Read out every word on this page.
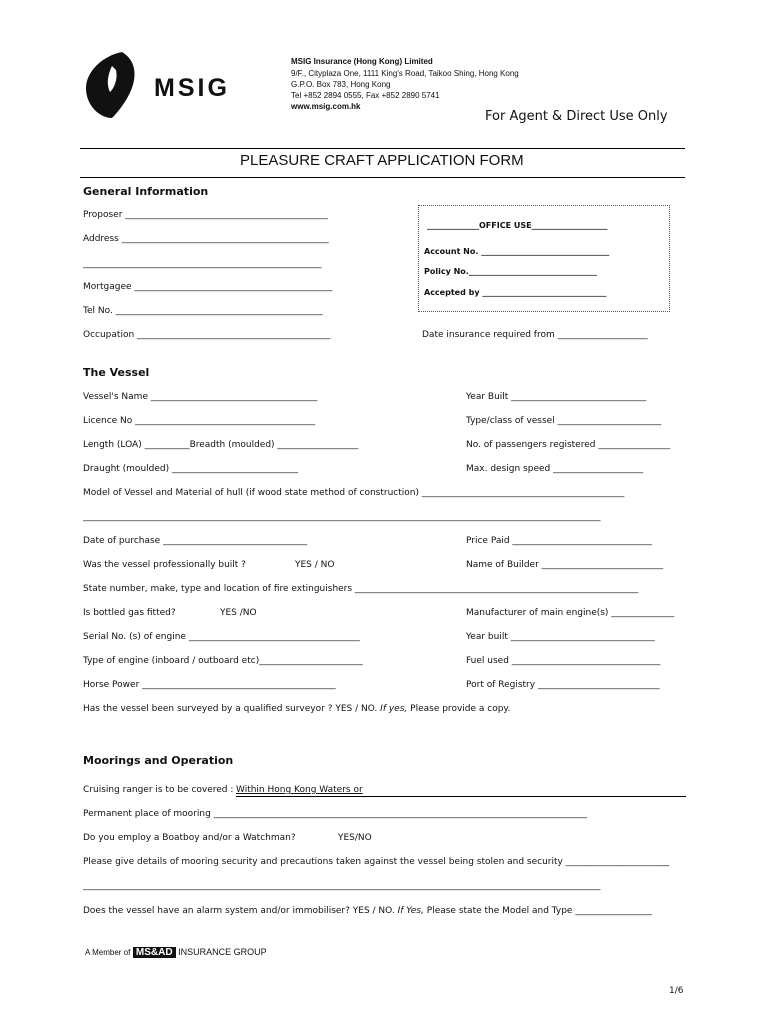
MSIG
MSIG Insurance (Hong Kong) Limited
9/F., Cityplaza One, 1111 King's Road, Taikoo Shing, Hong Kong
G.P.O. Box 783, Hong Kong
Tel +852 2894 0555, Fax +852 2890 5741
www.msig.com.hk
For Agent & Direct Use Only
PLEASURE CRAFT APPLICATION FORM
General Information
Proposer _____________________________________________
Address ______________________________________________
_____________________________________________________
Mortgagee ____________________________________________
Tel No. ______________________________________________
Occupation ___________________________________________	Date insurance required from ____________________
_____________OFFICE USE___________________
Account No. ________________________________
Policy No.________________________________
Accepted by _______________________________
The Vessel
Vessel's Name _____________________________________	Year Built ______________________________
Licence No ________________________________________	Type/class of vessel _______________________
Length (LOA) __________Breadth (moulded) __________________	No. of passengers registered ________________
Draught (moulded) ____________________________	Max. design speed ____________________
Model of Vessel and Material of hull (if wood state method of construction) _____________________________________________
___________________________________________________________________________________________________________________
Date of purchase ________________________________	Price Paid _______________________________
Was the vessel professionally built ?	YES / NO	Name of Builder ___________________________
State number, make, type and location of fire extinguishers _______________________________________________________________
Is bottled gas fitted?	YES /NO	Manufacturer of main engine(s) ______________
Serial No. (s) of engine ______________________________________	Year built ________________________________
Type of engine (inboard / outboard etc)_______________________	Fuel used _________________________________
Horse Power ___________________________________________	Port of Registry ___________________________
Has the vessel been surveyed by a qualified surveyor ? YES / NO. If yes, Please provide a copy.
Moorings and Operation
Cruising ranger is to be covered : Within Hong Kong Waters or
Permanent place of mooring ___________________________________________________________________________________
Do you employ a Boatboy and/or a Watchman?	YES/NO
Please give details of mooring security and precautions taken against the vessel being stolen and security _______________________
___________________________________________________________________________________________________________________
Does the vessel have an alarm system and/or immobiliser? YES / NO. If Yes, Please state the Model and Type _________________
A Member of MS&AD INSURANCE GROUP
1/6
